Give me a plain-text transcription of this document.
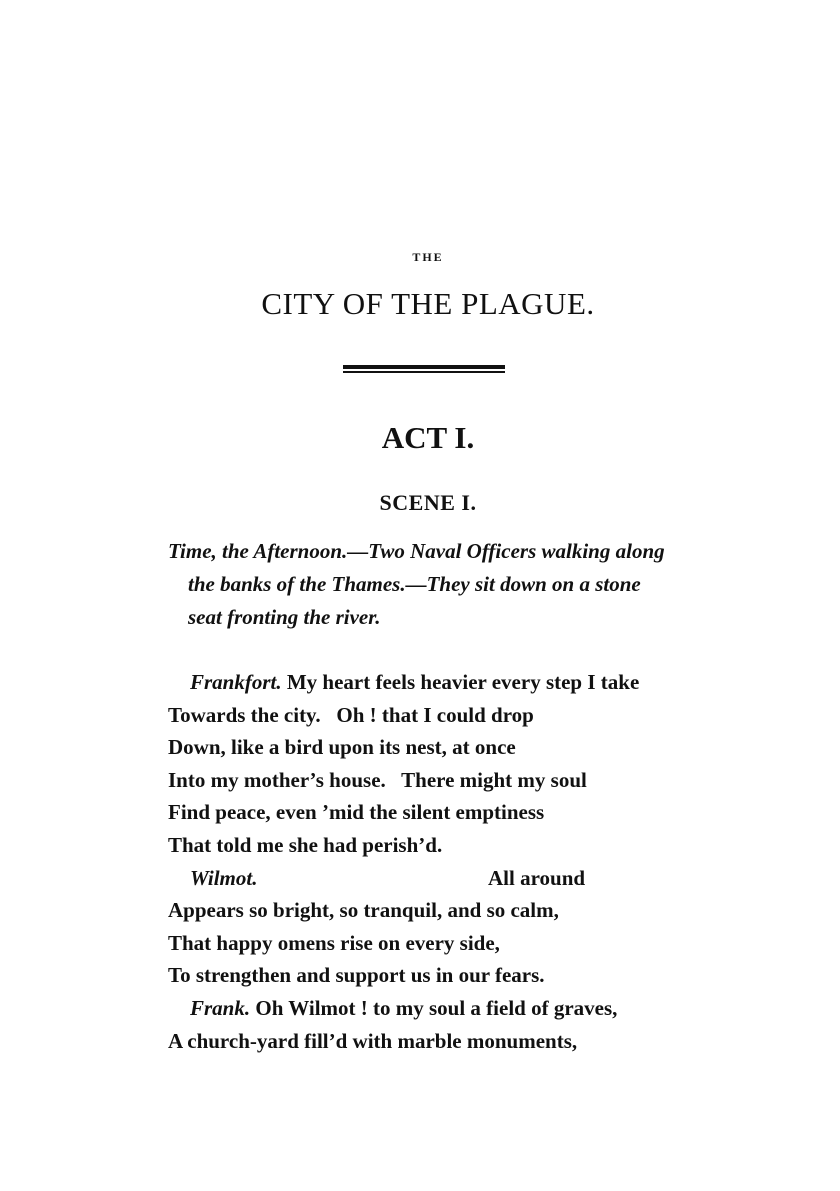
THE
CITY OF THE PLAGUE.
ACT I.
SCENE I.
Time, the Afternoon.—Two Naval Officers walking along
the banks of the Thames.—They sit down on a stone
seat fronting the river.
Frankfort. My heart feels heavier every step I take
Towards the city.   Oh ! that I could drop
Down, like a bird upon its nest, at once
Into my mother’s house.   There might my soul
Find peace, even ’mid the silent emptiness
That told me she had perish’d.
Wilmot.	All around
Appears so bright, so tranquil, and so calm,
That happy omens rise on every side,
To strengthen and support us in our fears.
Frank. Oh Wilmot ! to my soul a field of graves,
A church-yard fill’d with marble monuments,
